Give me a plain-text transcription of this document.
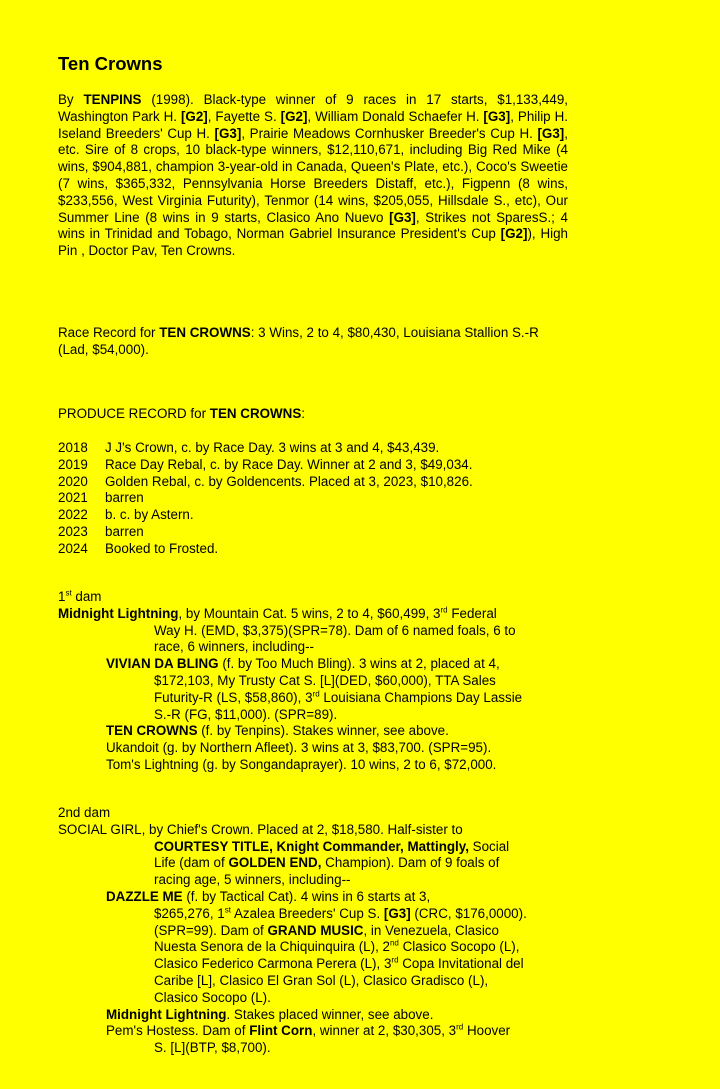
Ten Crowns
By TENPINS (1998). Black-type winner of 9 races in 17 starts, $1,133,449, Washington Park H. [G2], Fayette S. [G2], William Donald Schaefer H. [G3], Philip H. Iseland Breeders' Cup H. [G3], Prairie Meadows Cornhusker Breeder's Cup H. [G3], etc. Sire of 8 crops, 10 black-type winners, $12,110,671, including Big Red Mike (4 wins, $904,881, champion 3-year-old in Canada, Queen's Plate, etc.), Coco's Sweetie (7 wins, $365,332, Pennsylvania Horse Breeders Distaff, etc.), Figpenn (8 wins, $233,556, West Virginia Futurity), Tenmor (14 wins, $205,055, Hillsdale S., etc), Our Summer Line (8 wins in 9 starts, Clasico Ano Nuevo [G3], Strikes not SparesS.; 4 wins in Trinidad and Tobago, Norman Gabriel Insurance President's Cup [G2]), High Pin , Doctor Pav, Ten Crowns.
Race Record for TEN CROWNS: 3 Wins, 2 to 4, $80,430, Louisiana Stallion S.-R (Lad, $54,000).
PRODUCE RECORD for TEN CROWNS:
2018 J J's Crown, c. by Race Day. 3 wins at 3 and 4, $43,439.
2019 Race Day Rebal, c. by Race Day. Winner at 2 and 3, $49,034.
2020 Golden Rebal, c. by Goldencents. Placed at 3, 2023, $10,826.
2021 barren
2022 b. c. by Astern.
2023 barren
2024 Booked to Frosted.
1st dam
Midnight Lightning, by Mountain Cat. 5 wins, 2 to 4, $60,499, 3rd Federal
Way H. (EMD, $3,375)(SPR=78). Dam of 6 named foals, 6 to
race, 6 winners, including--
VIVIAN DA BLING (f. by Too Much Bling). 3 wins at 2, placed at 4,
$172,103, My Trusty Cat S. [L](DED, $60,000), TTA Sales
Futurity-R (LS, $58,860), 3rd Louisiana Champions Day Lassie
S.-R (FG, $11,000). (SPR=89).
TEN CROWNS (f. by Tenpins). Stakes winner, see above.
Ukandoit (g. by Northern Afleet). 3 wins at 3, $83,700. (SPR=95).
Tom's Lightning (g. by Songandaprayer). 10 wins, 2 to 6, $72,000.
2nd dam
SOCIAL GIRL, by Chief's Crown. Placed at 2, $18,580. Half-sister to
COURTESY TITLE, Knight Commander, Mattingly, Social
Life (dam of GOLDEN END, Champion). Dam of 9 foals of
racing age, 5 winners, including--
DAZZLE ME (f. by Tactical Cat). 4 wins in 6 starts at 3,
$265,276, 1st Azalea Breeders' Cup S. [G3] (CRC, $176,0000).
(SPR=99). Dam of GRAND MUSIC, in Venezuela, Clasico
Nuesta Senora de la Chiquinquira (L), 2nd Clasico Socopo (L),
Clasico Federico Carmona Perera (L), 3rd Copa Invitational del
Caribe [L], Clasico El Gran Sol (L), Clasico Gradisco (L),
Clasico Socopo (L).
Midnight Lightning. Stakes placed winner, see above.
Pem's Hostess. Dam of Flint Corn, winner at 2, $30,305, 3rd Hoover
S. [L](BTP, $8,700).
